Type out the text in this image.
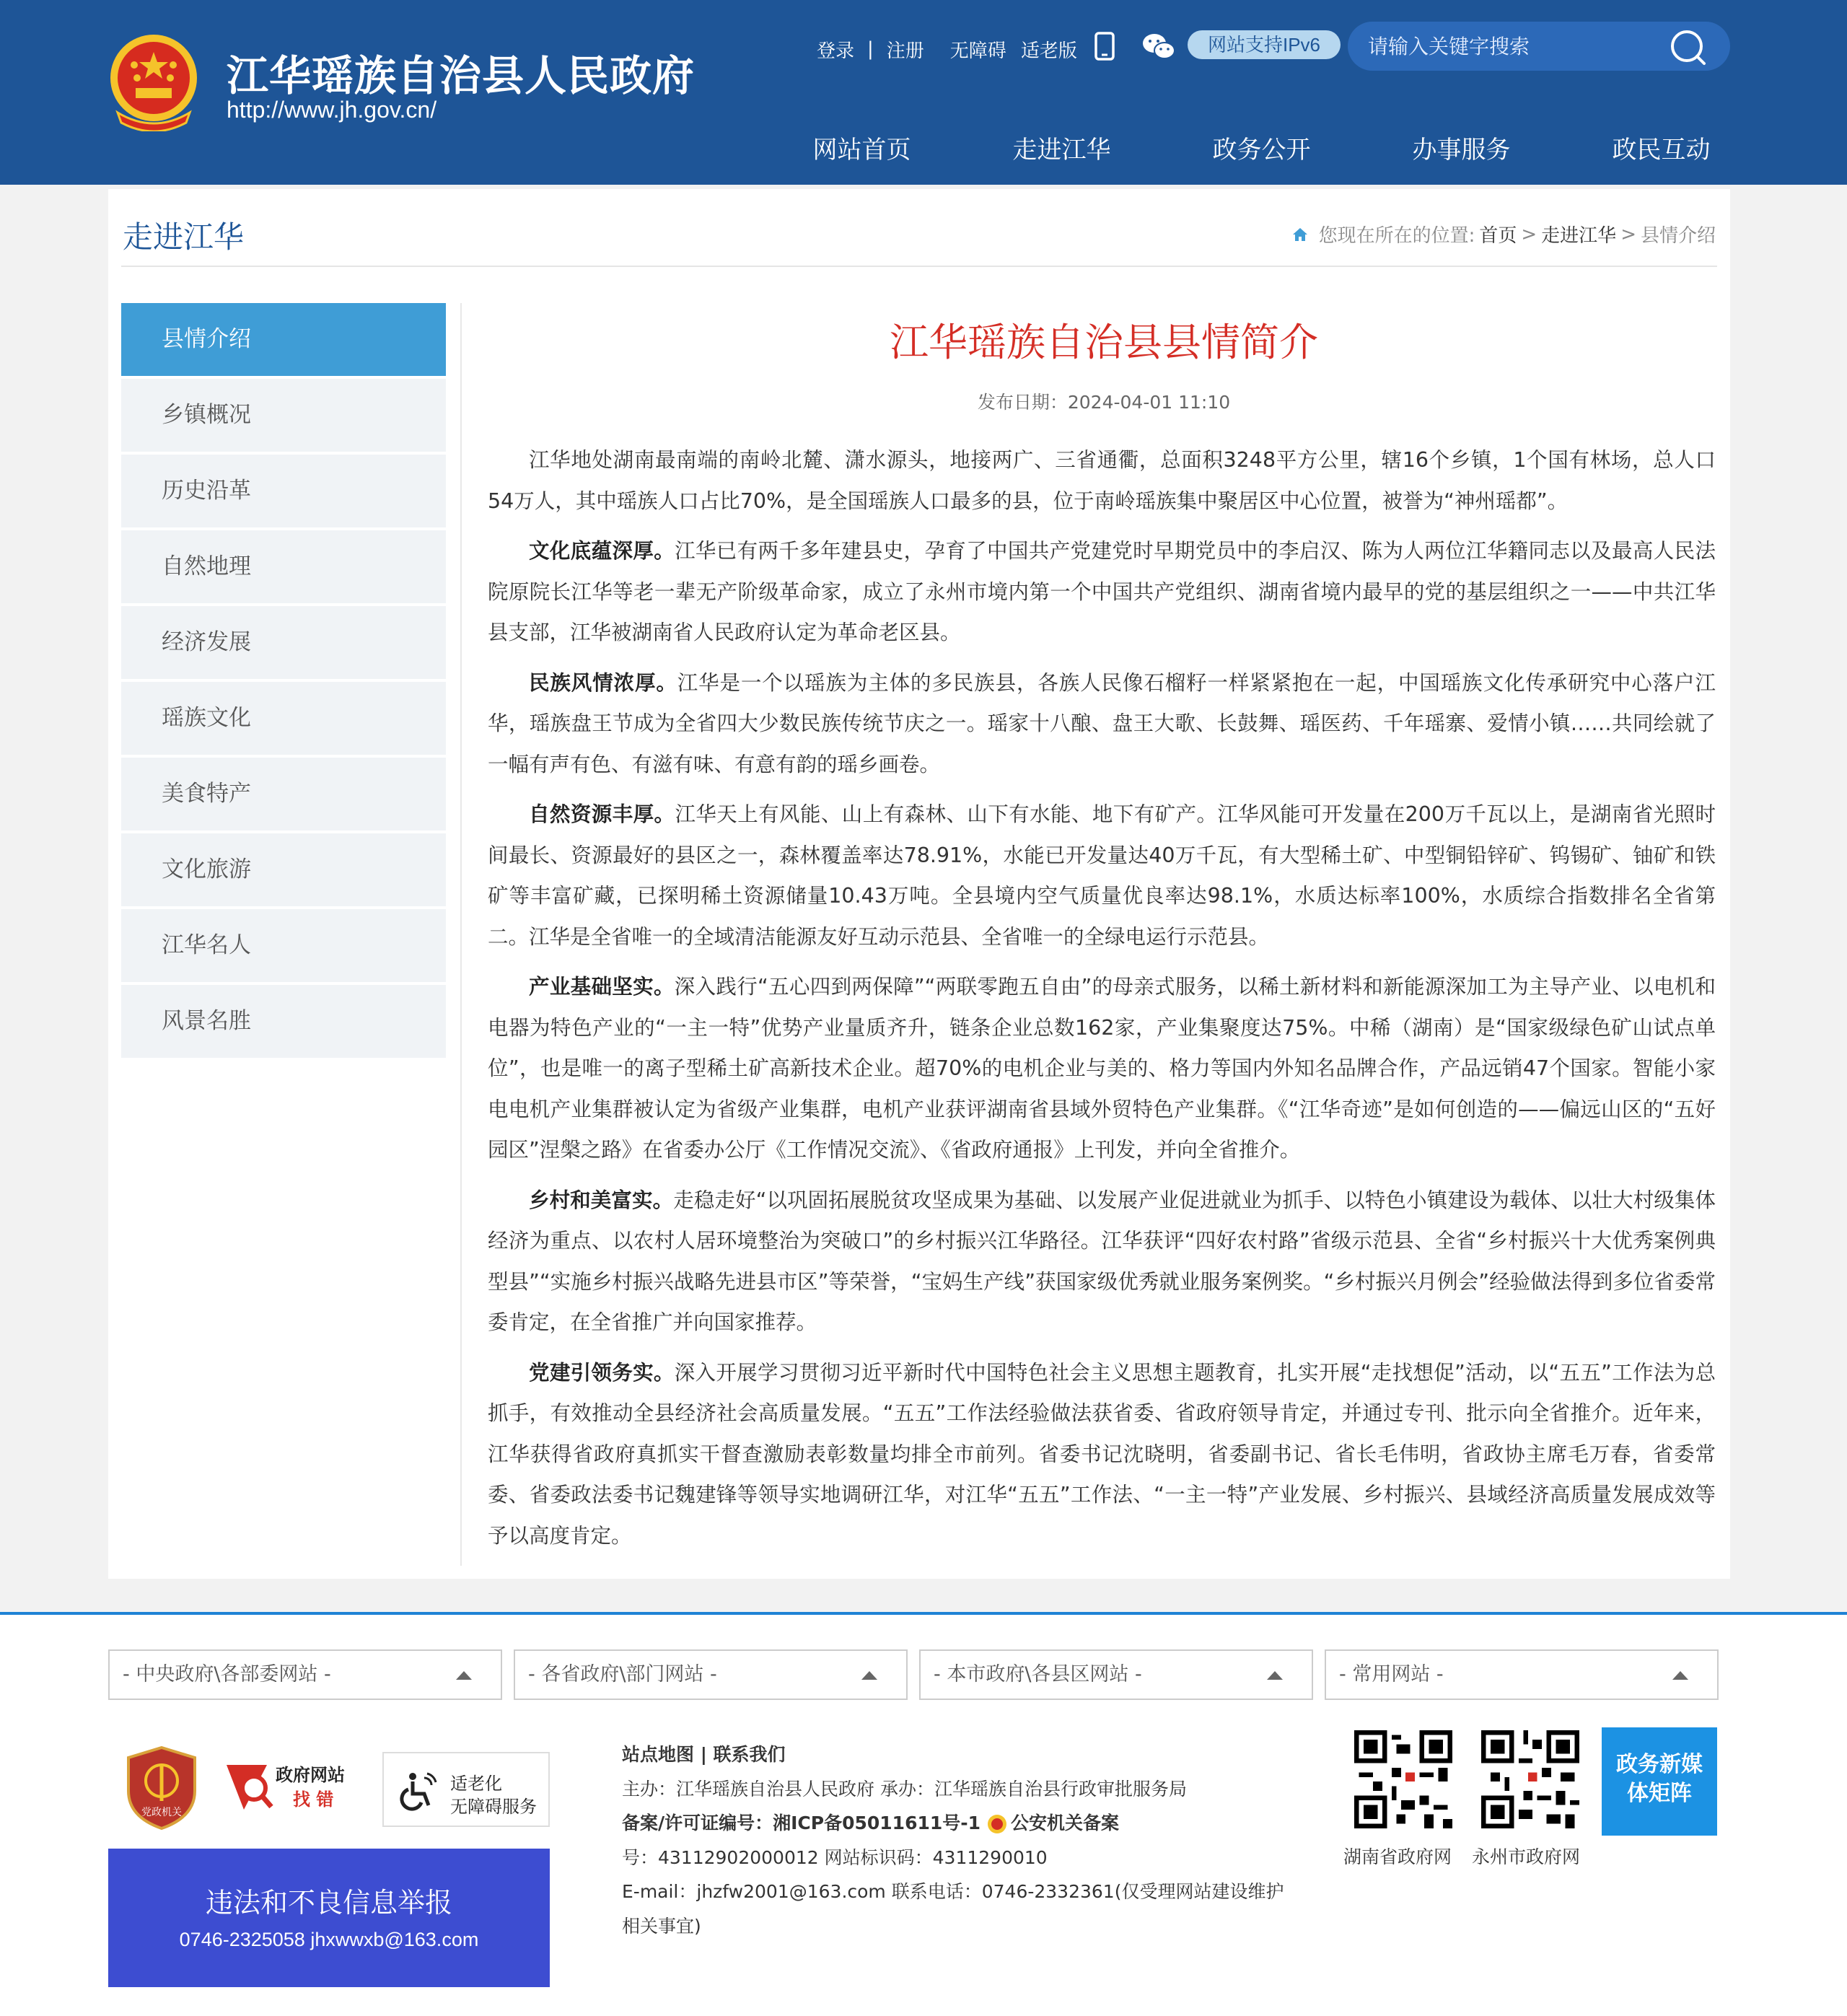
江华瑶族自治县人民政府
http://www.jh.gov.cn/
登录 | 注册 无障碍 适老版	网站支持IPv6
请输入关键字搜索
网站首页	走进江华	政务公开	办事服务	政民互动
走进江华	您现在所在的位置: 首页 > 走进江华 > 县情介绍
县情介绍
乡镇概况
历史沿革
自然地理
经济发展
瑶族文化
美食特产
文化旅游
江华名人
风景名胜
江华瑶族自治县县情简介
发布日期：2024-04-01 11:10

江华地处湖南最南端的南岭北麓、潇水源头，地接两广、三省通衢，总面积3248平方公里，辖16个乡镇，1个国有林场，总人口54万人，其中瑶族人口占比70%，是全国瑶族人口最多的县，位于南岭瑶族集中聚居区中心位置，被誉为“神州瑶都”。

文化底蕴深厚。江华已有两千多年建县史，孕育了中国共产党建党时早期党员中的李启汉、陈为人两位江华籍同志以及最高人民法院原院长江华等老一辈无产阶级革命家，成立了永州市境内第一个中国共产党组织、湖南省境内最早的党的基层组织之一——中共江华县支部，江华被湖南省人民政府认定为革命老区县。

民族风情浓厚。江华是一个以瑶族为主体的多民族县，各族人民像石榴籽一样紧紧抱在一起，中国瑶族文化传承研究中心落户江华，瑶族盘王节成为全省四大少数民族传统节庆之一。瑶家十八酿、盘王大歌、长鼓舞、瑶医药、千年瑶寨、爱情小镇……共同绘就了一幅有声有色、有滋有味、有意有韵的瑶乡画卷。

自然资源丰厚。江华天上有风能、山上有森林、山下有水能、地下有矿产。江华风能可开发量在200万千瓦以上，是湖南省光照时间最长、资源最好的县区之一，森林覆盖率达78.91%，水能已开发量达40万千瓦，有大型稀土矿、中型铜铅锌矿、钨锡矿、铀矿和铁矿等丰富矿藏，已探明稀土资源储量10.43万吨。全县境内空气质量优良率达98.1%，水质达标率100%，水质综合指数排名全省第二。江华是全省唯一的全域清洁能源友好互动示范县、全省唯一的全绿电运行示范县。

产业基础坚实。深入践行“五心四到两保障”“两联零跑五自由”的母亲式服务，以稀土新材料和新能源深加工为主导产业、以电机和电器为特色产业的“一主一特”优势产业量质齐升，链条企业总数162家，产业集聚度达75%。中稀（湖南）是“国家级绿色矿山试点单位”，也是唯一的离子型稀土矿高新技术企业。超70%的电机企业与美的、格力等国内外知名品牌合作，产品远销47个国家。智能小家电电机产业集群被认定为省级产业集群，电机产业获评湖南省县域外贸特色产业集群。《“江华奇迹”是如何创造的——偏远山区的“五好园区”涅槃之路》在省委办公厅《工作情况交流》、《省政府通报》上刊发，并向全省推介。

乡村和美富实。走稳走好“以巩固拓展脱贫攻坚成果为基础、以发展产业促进就业为抓手、以特色小镇建设为载体、以壮大村级集体经济为重点、以农村人居环境整治为突破口”的乡村振兴江华路径。江华获评“四好农村路”省级示范县、全省“乡村振兴十大优秀案例典型县”“实施乡村振兴战略先进县市区”等荣誉，“宝妈生产线”获国家级优秀就业服务案例奖。“乡村振兴月例会”经验做法得到多位省委常委肯定，在全省推广并向国家推荐。

党建引领务实。深入开展学习贯彻习近平新时代中国特色社会主义思想主题教育，扎实开展“走找想促”活动，以“五五”工作法为总抓手，有效推动全县经济社会高质量发展。“五五”工作法经验做法获省委、省政府领导肯定，并通过专刊、批示向全省推介。近年来，江华获得省政府真抓实干督查激励表彰数量均排全市前列。省委书记沈晓明，省委副书记、省长毛伟明，省政协主席毛万春，省委常委、省委政法委书记魏建锋等领导实地调研江华，对江华“五五”工作法、“一主一特”产业发展、乡村振兴、县域经济高质量发展成效等予以高度肯定。

- 中央政府\各部委网站 -	- 各省政府\部门网站 -	- 本市政府\各县区网站 -	- 常用网站 -
党政机关
政府网站
找 错
适老化
无障碍服务
违法和不良信息举报
0746-2325058 jhxwwxb@163.com
站点地图 | 联系我们
主办：江华瑶族自治县人民政府 承办：江华瑶族自治县行政审批服务局
备案/许可证编号：湘ICP备05011611号-1 公安机关备案
号：43112902000012 网站标识码：4311290010
E-mail：jhzfw2001@163.com 联系电话：0746-2332361(仅受理网站建设维护
相关事宜)
湖南省政府网 永州市政府网
政务新媒
体矩阵
